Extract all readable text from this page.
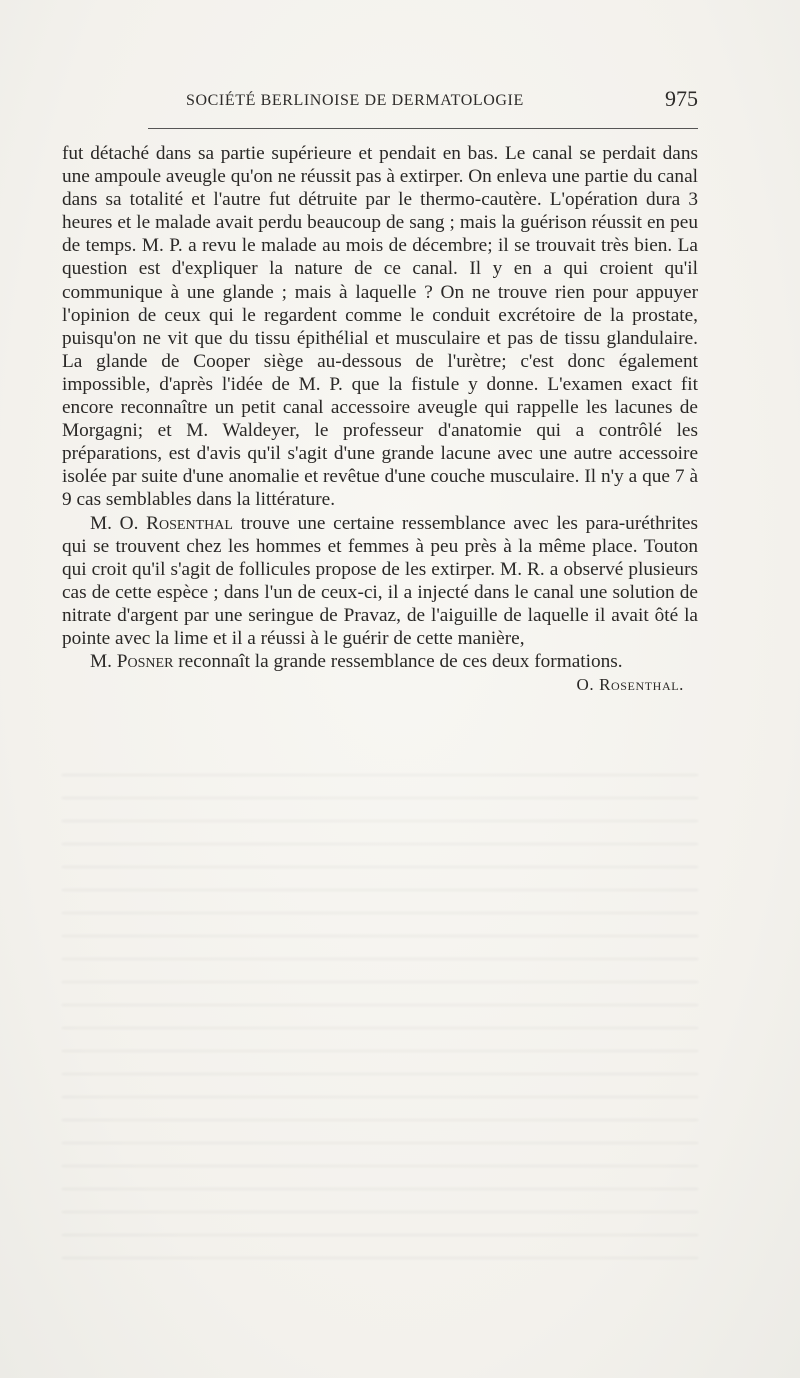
SOCIÉTÉ BERLINOISE DE DERMATOLOGIE	975

fut détaché dans sa partie supérieure et pendait en bas. Le canal se perdait dans une ampoule aveugle qu'on ne réussit pas à extirper. On enleva une partie du canal dans sa totalité et l'autre fut détruite par le thermo-cautère. L'opération dura 3 heures et le malade avait perdu beaucoup de sang ; mais la guérison réussit en peu de temps. M. P. a revu le malade au mois de décembre; il se trouvait très bien. La question est d'expliquer la nature de ce canal. Il y en a qui croient qu'il communique à une glande ; mais à laquelle ? On ne trouve rien pour appuyer l'opinion de ceux qui le regardent comme le conduit excrétoire de la prostate, puisqu'on ne vit que du tissu épithélial et musculaire et pas de tissu glandulaire. La glande de Cooper siège au-dessous de l'urètre; c'est donc également impossible, d'après l'idée de M. P. que la fistule y donne. L'examen exact fit encore reconnaître un petit canal accessoire aveugle qui rappelle les lacunes de Morgagni; et M. Waldeyer, le professeur d'anatomie qui a contrôlé les préparations, est d'avis qu'il s'agit d'une grande lacune avec une autre accessoire isolée par suite d'une anomalie et revêtue d'une couche musculaire. Il n'y a que 7 à 9 cas semblables dans la littérature.

M. O. Rosenthal trouve une certaine ressemblance avec les para-uréthrites qui se trouvent chez les hommes et femmes à peu près à la même place. Touton qui croit qu'il s'agit de follicules propose de les extirper. M. R. a observé plusieurs cas de cette espèce ; dans l'un de ceux-ci, il a injecté dans le canal une solution de nitrate d'argent par une seringue de Pravaz, de l'aiguille de laquelle il avait ôté la pointe avec la lime et il a réussi à le guérir de cette manière,

M. Posner reconnaît la grande ressemblance de ces deux formations.

O. Rosenthal.
